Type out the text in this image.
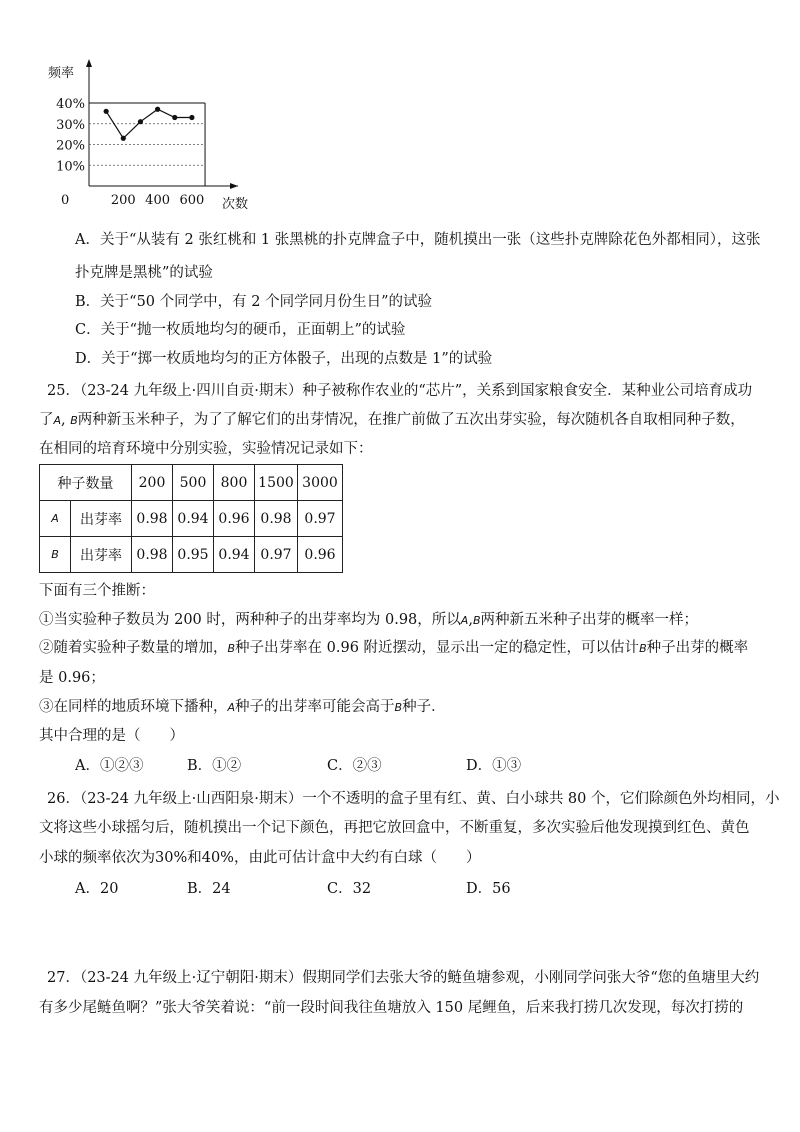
10%
20%
30%
40%
0	200 400 600
频率
次数
A．关于“从装有 2 张红桃和 1 张黑桃的扑克牌盒子中，随机摸出一张（这些扑克牌除花色外都相同），这张
扑克牌是黑桃”的试验
B．关于“50 个同学中，有 2 个同学同月份生日”的试验
C．关于“抛一枚质地均匀的硬币，正面朝上”的试验
D．关于“掷一枚质地均匀的正方体骰子，出现的点数是 1”的试验
25．（23-24 九年级上·四川自贡·期末）种子被称作农业的“芯片”，关系到国家粮食安全．某种业公司培育成功
了A, B两种新玉米种子，为了了解它们的出芽情况，在推广前做了五次出芽实验，每次随机各自取相同种子数，
在相同的培育环境中分别实验，实验情况记录如下：
种子数量		200	500	800	1500	3000
A	出芽率	0.98	0.94	0.96	0.98	0.97
B	出芽率	0.98	0.95	0.94	0.97	0.96
下面有三个推断：
①当实验种子数员为 200 时，两种种子的出芽率均为 0.98，所以A,B两种新五米种子出芽的概率一样；
②随着实验种子数量的增加，B种子出芽率在 0.96 附近摆动，显示出一定的稳定性，可以估计B种子出芽的概率
是 0.96；
③在同样的地质环境下播种，A种子的出芽率可能会高于B种子．
其中合理的是（　　）
A．①②③	B．①②	C．②③	D．①③
26．（23-24 九年级上·山西阳泉·期末）一个不透明的盒子里有红、黄、白小球共 80 个，它们除颜色外均相同，小
文将这些小球摇匀后，随机摸出一个记下颜色，再把它放回盒中，不断重复，多次实验后他发现摸到红色、黄色
小球的频率依次为30%和40%，由此可估计盒中大约有白球（　　）
A．20	B．24	C．32	D．56
27．（23-24 九年级上·辽宁朝阳·期末）假期同学们去张大爷的鲢鱼塘参观，小刚同学问张大爷“您的鱼塘里大约
有多少尾鲢鱼啊？”张大爷笑着说：“前一段时间我往鱼塘放入 150 尾鲤鱼，后来我打捞几次发现，每次打捞的
